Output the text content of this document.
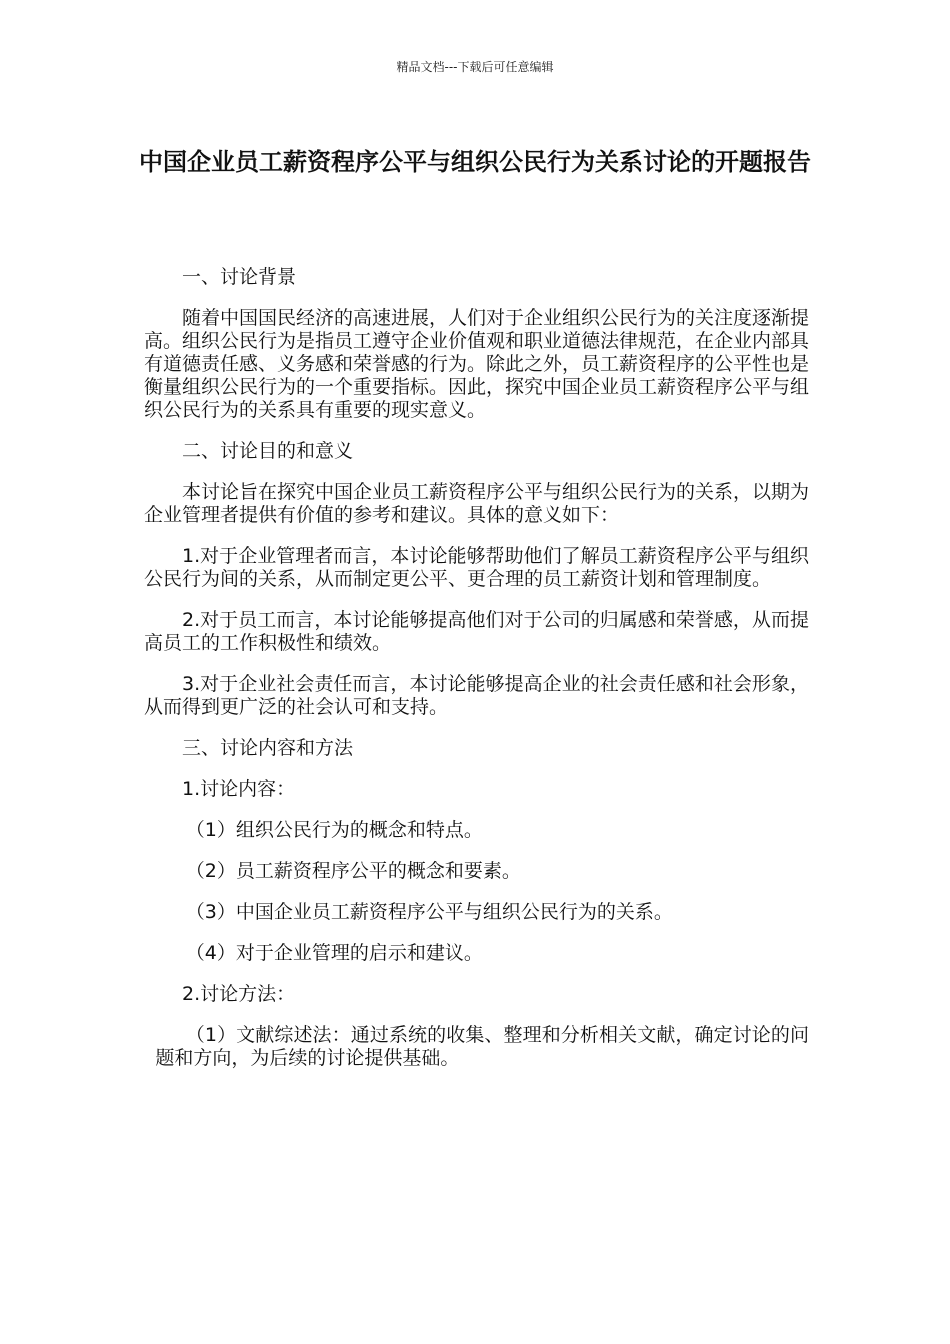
精品文档---下载后可任意编辑
中国企业员工薪资程序公平与组织公民行为关系讨论的开题报告

一、讨论背景

随着中国国民经济的高速进展，人们对于企业组织公民行为的关注度逐渐提高。组织公民行为是指员工遵守企业价值观和职业道德法律规范，在企业内部具有道德责任感、义务感和荣誉感的行为。除此之外，员工薪资程序的公平性也是衡量组织公民行为的一个重要指标。因此，探究中国企业员工薪资程序公平与组织公民行为的关系具有重要的现实意义。

二、讨论目的和意义

本讨论旨在探究中国企业员工薪资程序公平与组织公民行为的关系，以期为企业管理者提供有价值的参考和建议。具体的意义如下：

1.对于企业管理者而言，本讨论能够帮助他们了解员工薪资程序公平与组织公民行为间的关系，从而制定更公平、更合理的员工薪资计划和管理制度。

2.对于员工而言，本讨论能够提高他们对于公司的归属感和荣誉感，从而提高员工的工作积极性和绩效。

3.对于企业社会责任而言，本讨论能够提高企业的社会责任感和社会形象，从而得到更广泛的社会认可和支持。

三、讨论内容和方法

1.讨论内容：

（1）组织公民行为的概念和特点。

（2）员工薪资程序公平的概念和要素。

（3）中国企业员工薪资程序公平与组织公民行为的关系。

（4）对于企业管理的启示和建议。

2.讨论方法：

（1）文献综述法：通过系统的收集、整理和分析相关文献，确定讨论的问题和方向，为后续的讨论提供基础。
